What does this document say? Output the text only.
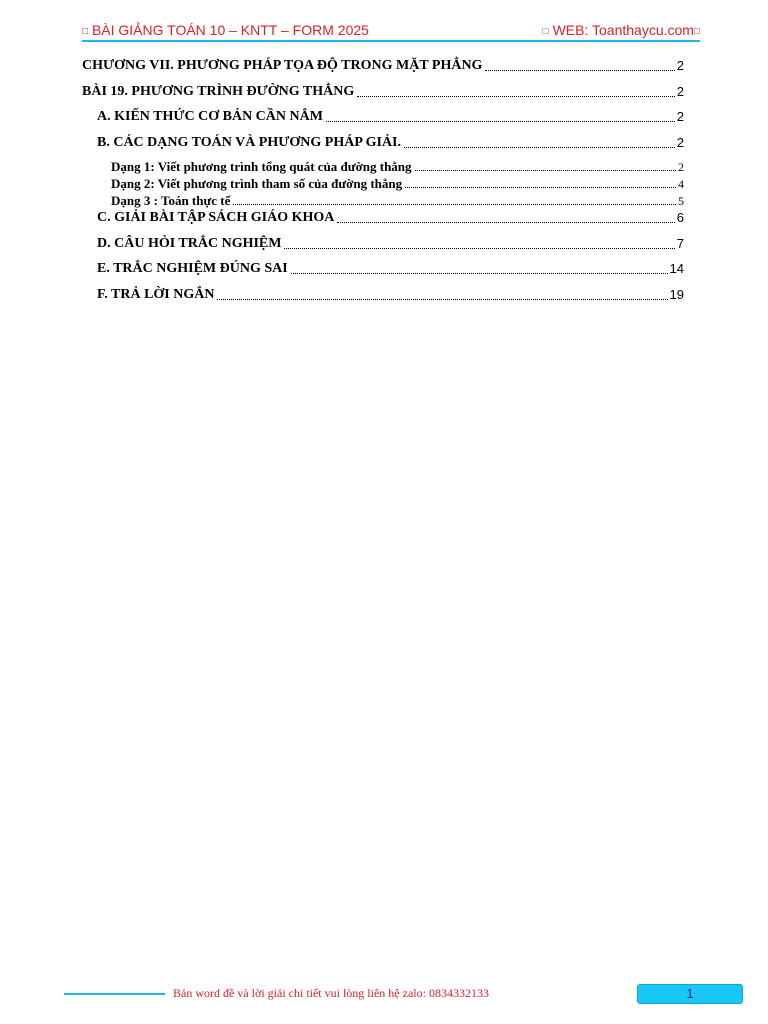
□ BÀI GIẢNG TOÁN 10 – KNTT – FORM 2025	□ WEB: Toanthaycu.com□
CHƯƠNG VII. PHƯƠNG PHÁP TỌA ĐỘ TRONG MẶT PHẲNG	2
BÀI 19. PHƯƠNG TRÌNH ĐƯỜNG THẲNG	2
A. KIẾN THỨC CƠ BẢN CẦN NẮM	2
B. CÁC DẠNG TOÁN VÀ PHƯƠNG PHÁP GIẢI.	2
Dạng 1: Viết phương trình tổng quát của đường thẳng	2
Dạng 2: Viết phương trình tham số của đường thẳng	4
Dạng 3 : Toán thực tế	5
C. GIẢI BÀI TẬP SÁCH GIÁO KHOA	6
D. CÂU HỎI TRẮC NGHIỆM	7
E. TRẮC NGHIỆM ĐÚNG SAI	14
F. TRẢ LỜI NGẮN	19
Bản word đề và lời giải chi tiết vui lòng liên hệ zalo: 0834332133	1
